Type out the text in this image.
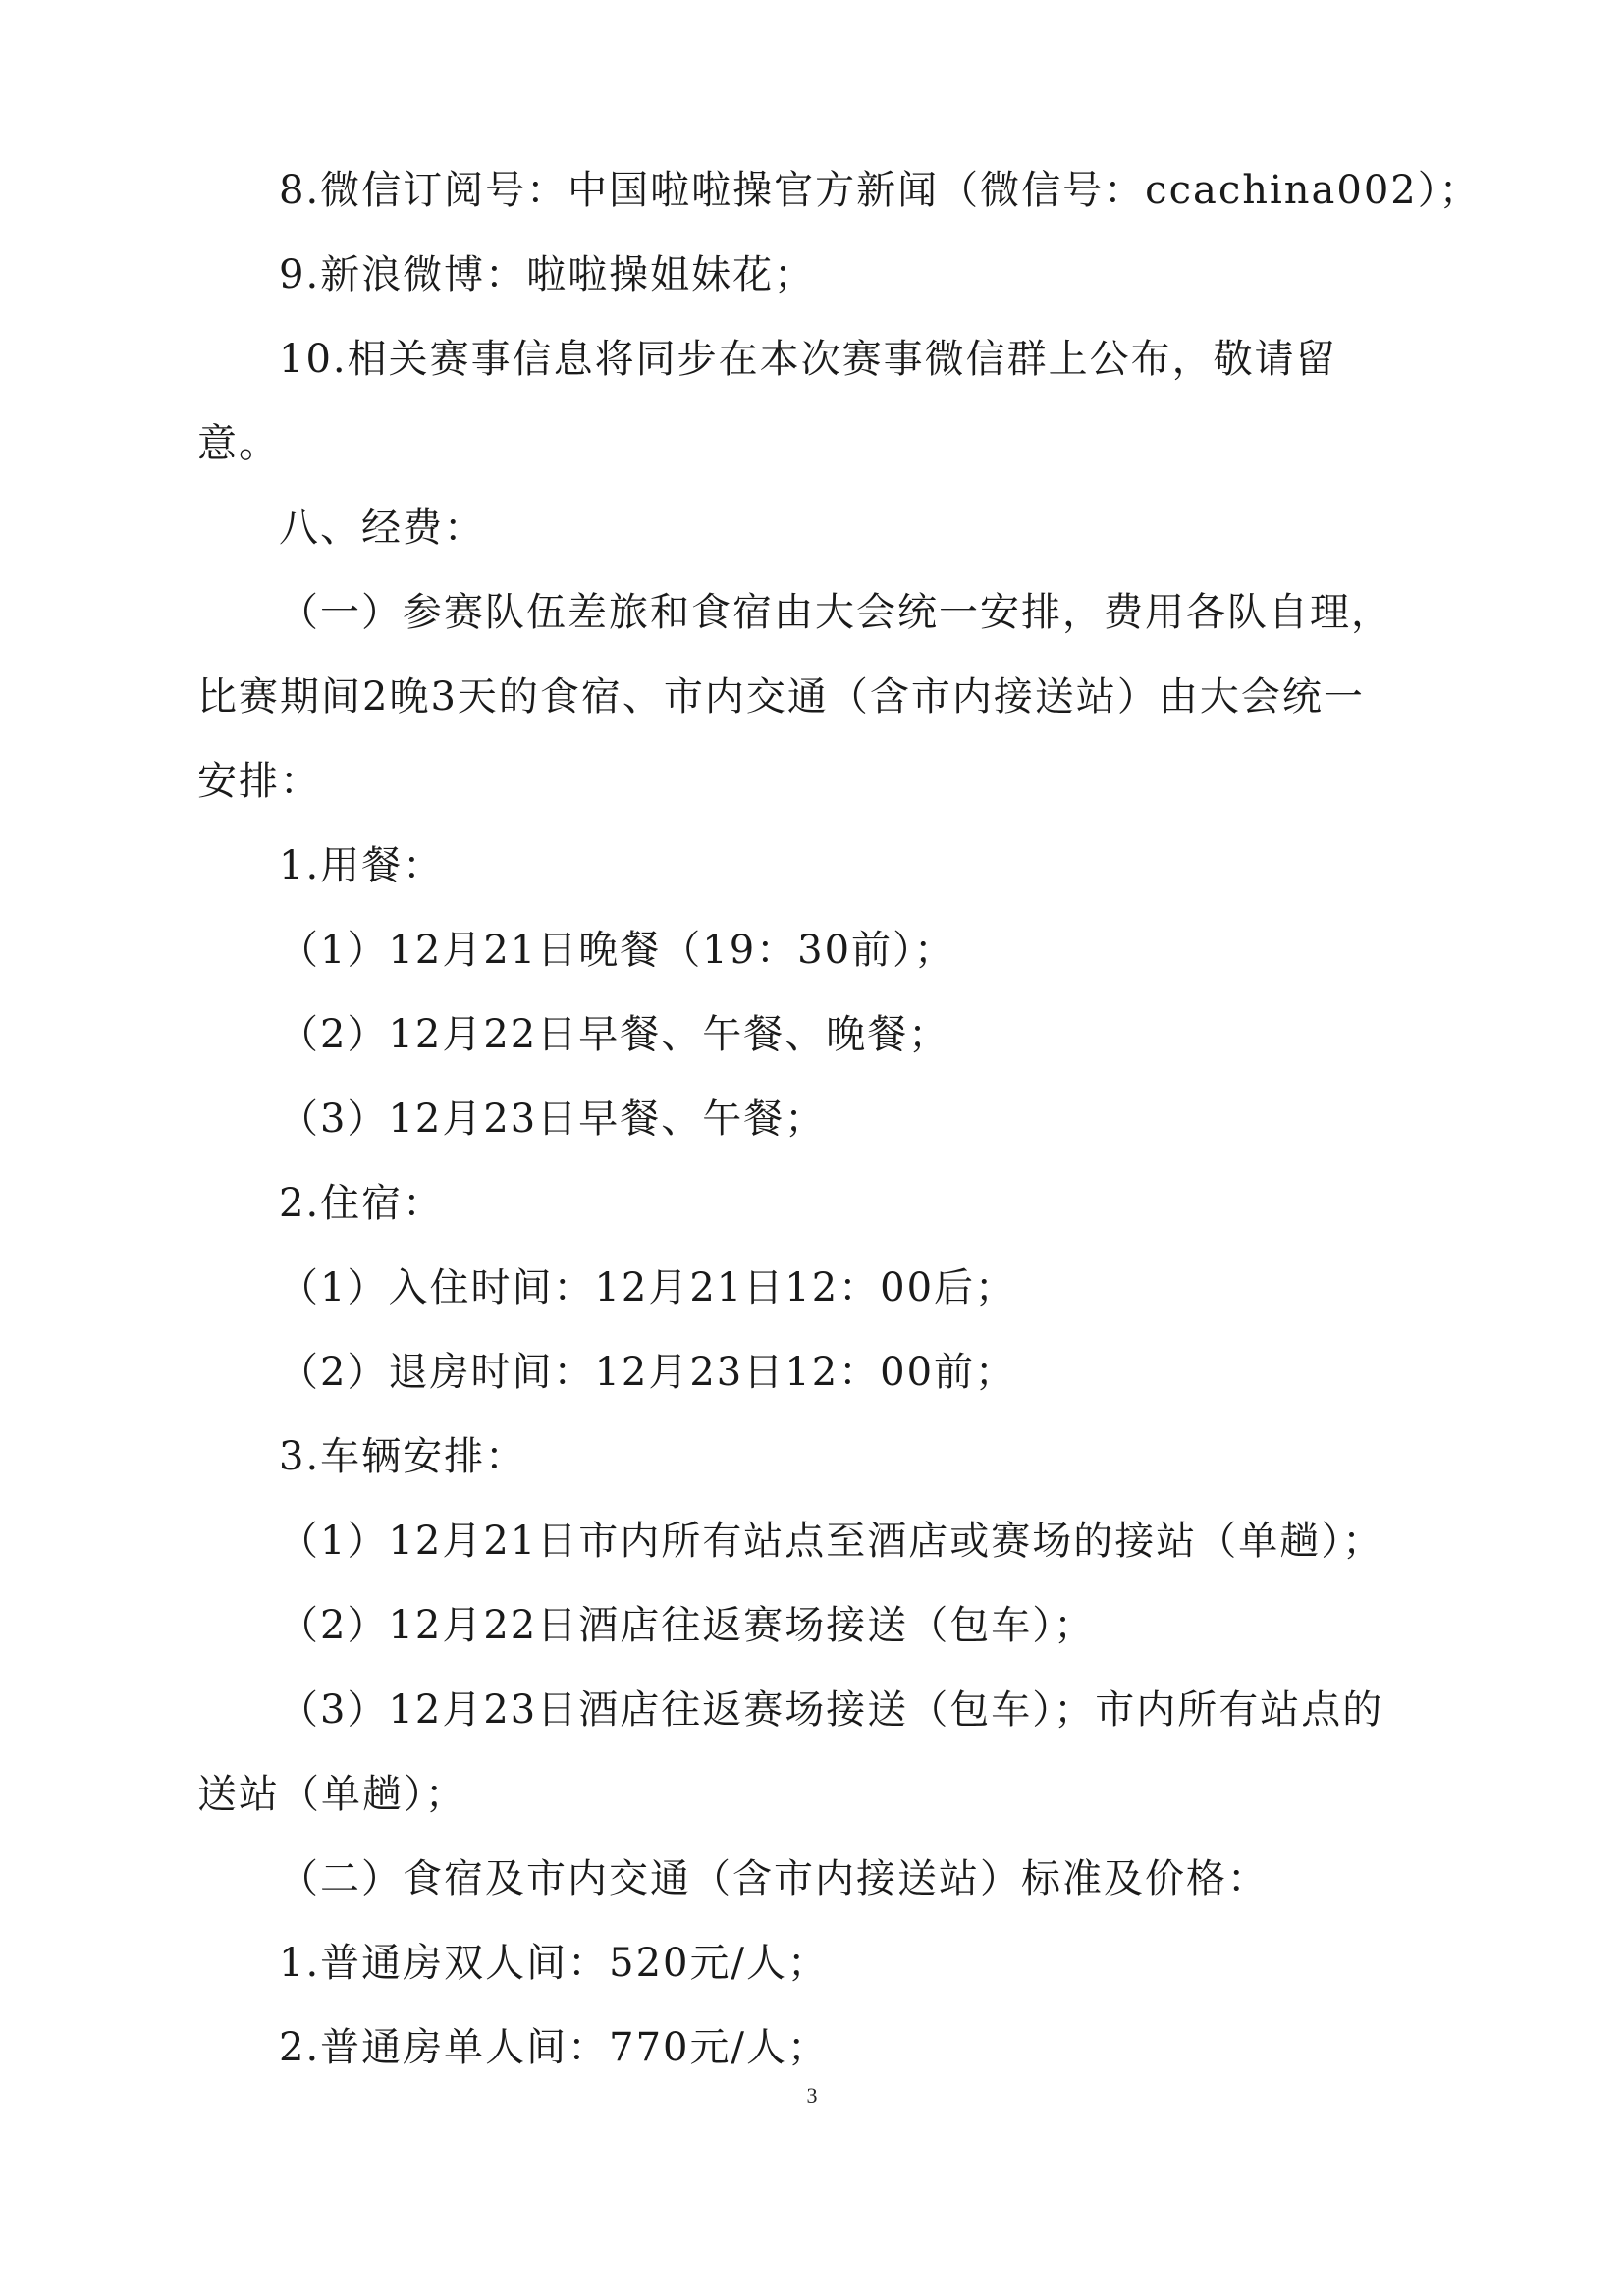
8.微信订阅号：中国啦啦操官方新闻（微信号：ccachina002）；
9.新浪微博：啦啦操姐妹花；
10.相关赛事信息将同步在本次赛事微信群上公布，敬请留
意。
八、经费：
（一）参赛队伍差旅和食宿由大会统一安排，费用各队自理，
比赛期间2晚3天的食宿、市内交通（含市内接送站）由大会统一
安排：
1.用餐：
（1）12月21日晚餐（19：30前）；
（2）12月22日早餐、午餐、晚餐；
（3）12月23日早餐、午餐；
2.住宿：
（1）入住时间：12月21日12：00后；
（2）退房时间：12月23日12：00前；
3.车辆安排：
（1）12月21日市内所有站点至酒店或赛场的接站（单趟）；
（2）12月22日酒店往返赛场接送（包车）；
（3）12月23日酒店往返赛场接送（包车）；市内所有站点的
送站（单趟）；
（二）食宿及市内交通（含市内接送站）标准及价格：
1.普通房双人间：520元/人；
2.普通房单人间：770元/人；
3
